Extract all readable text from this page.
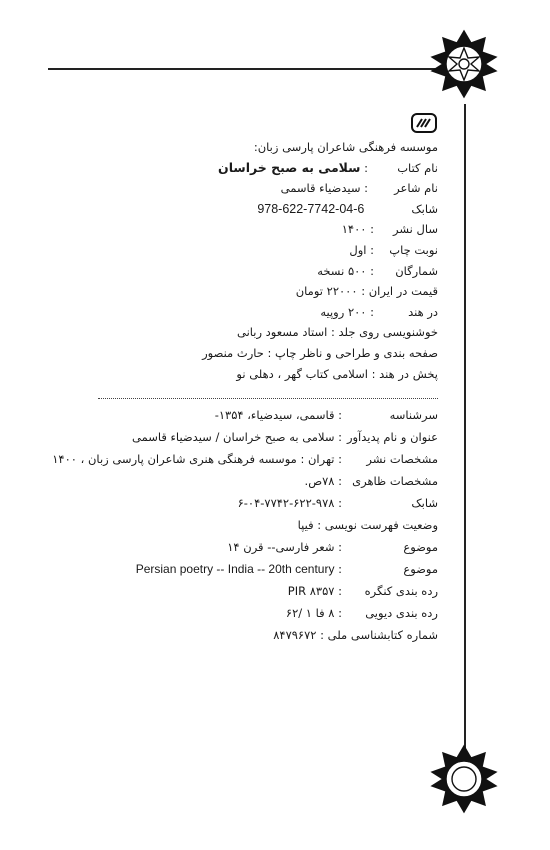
موسسه فرهنگی شاعران پارسی زبان:
نام کتاب: سلامی به صبح خراسان
نام شاعر: سیدضیاء قاسمی
شابک 978-622-7742-04-6
سال نشر: ۱۴۰۰
نوبت چاپ: اول
شمارگان: ۵۰۰ نسخه
قیمت در ایران : ۲۲۰۰۰ تومان
در هند: ۲۰۰ روپیه
خوشنویسی روی جلد : استاد مسعود ربانی
صفحه بندی و طراحی و ناظر چاپ : حارث منصور
پخش در هند : اسلامی کتاب گهر ، دهلی نو
سرشناسه: قاسمی، سیدضیاء، ۱۳۵۴-
عنوان و نام پدیدآور: سلامی به صبح خراسان / سیدضیاء قاسمی
مشخصات نشر: تهران : موسسه فرهنگی هنری شاعران پارسی زبان ، ۱۴۰۰
مشخصات ظاهری: ۷۸ص.
شابک: ۶-۰۴-۷۷۴۲-۶۲۲-۹۷۸
وضعیت فهرست نویسی : فیپا
موضوع: شعر فارسی-- قرن ۱۴
موضوع: Persian poetry -- India -- 20th century
رده بندی کنگره: PIR ۸۳۵۷
رده بندی دیویی: ۸ فا ۱ /۶۲
شماره کتابشناسی ملی : ۸۴۷۹۶۷۲
